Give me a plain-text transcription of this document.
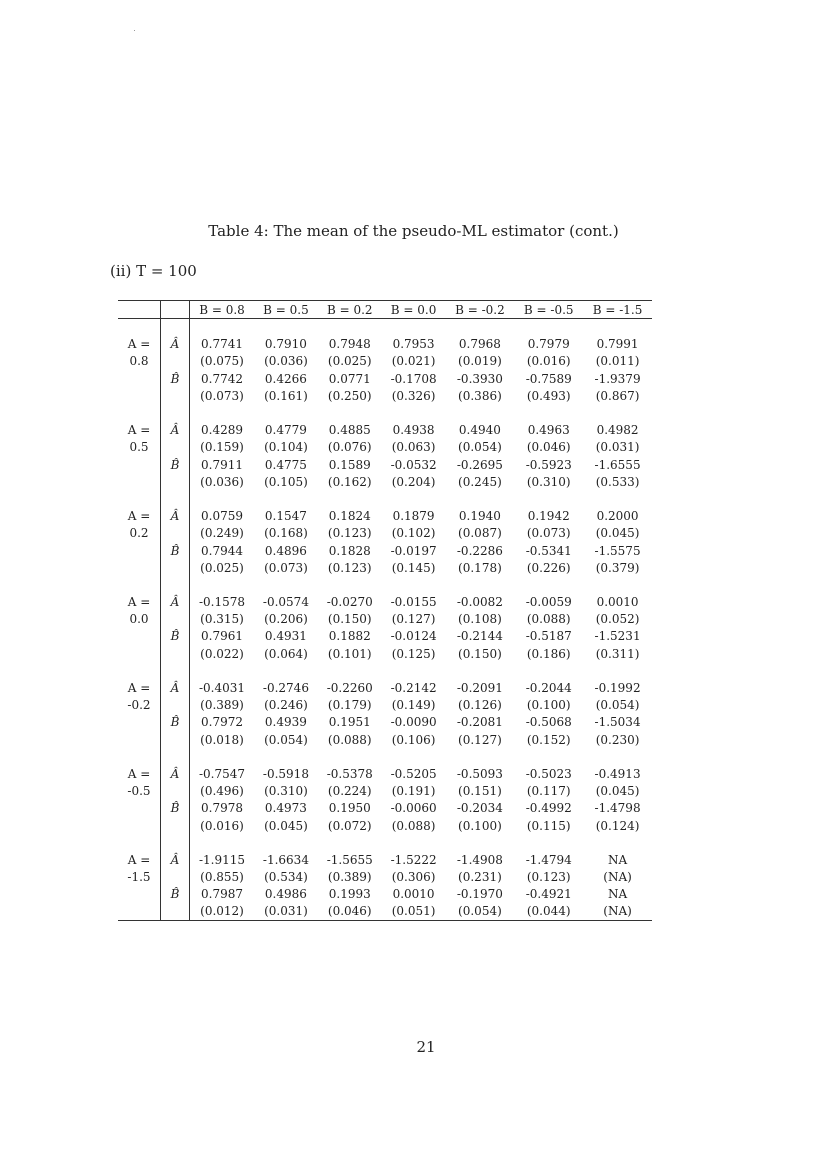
Table 4: The mean of the pseudo-ML estimator (cont.)
(ii) T = 100
		B = 0.8	B = 0.5	B = 0.2	B = 0.0	B = -0.2	B = -0.5	B = -1.5

A =	Â	0.7741	0.7910	0.7948	0.7953	0.7968	0.7979	0.7991
0.8		(0.075)	(0.036)	(0.025)	(0.021)	(0.019)	(0.016)	(0.011)
	B̂	0.7742	0.4266	0.0771	-0.1708	-0.3930	-0.7589	-1.9379
		(0.073)	(0.161)	(0.250)	(0.326)	(0.386)	(0.493)	(0.867)

A =	Â	0.4289	0.4779	0.4885	0.4938	0.4940	0.4963	0.4982
0.5		(0.159)	(0.104)	(0.076)	(0.063)	(0.054)	(0.046)	(0.031)
	B̂	0.7911	0.4775	0.1589	-0.0532	-0.2695	-0.5923	-1.6555
		(0.036)	(0.105)	(0.162)	(0.204)	(0.245)	(0.310)	(0.533)

A =	Â	0.0759	0.1547	0.1824	0.1879	0.1940	0.1942	0.2000
0.2		(0.249)	(0.168)	(0.123)	(0.102)	(0.087)	(0.073)	(0.045)
	B̂	0.7944	0.4896	0.1828	-0.0197	-0.2286	-0.5341	-1.5575
		(0.025)	(0.073)	(0.123)	(0.145)	(0.178)	(0.226)	(0.379)

A =	Â	-0.1578	-0.0574	-0.0270	-0.0155	-0.0082	-0.0059	0.0010
0.0		(0.315)	(0.206)	(0.150)	(0.127)	(0.108)	(0.088)	(0.052)
	B̂	0.7961	0.4931	0.1882	-0.0124	-0.2144	-0.5187	-1.5231
		(0.022)	(0.064)	(0.101)	(0.125)	(0.150)	(0.186)	(0.311)

A =	Â	-0.4031	-0.2746	-0.2260	-0.2142	-0.2091	-0.2044	-0.1992
-0.2		(0.389)	(0.246)	(0.179)	(0.149)	(0.126)	(0.100)	(0.054)
	B̂	0.7972	0.4939	0.1951	-0.0090	-0.2081	-0.5068	-1.5034
		(0.018)	(0.054)	(0.088)	(0.106)	(0.127)	(0.152)	(0.230)

A =	Â	-0.7547	-0.5918	-0.5378	-0.5205	-0.5093	-0.5023	-0.4913
-0.5		(0.496)	(0.310)	(0.224)	(0.191)	(0.151)	(0.117)	(0.045)
	B̂	0.7978	0.4973	0.1950	-0.0060	-0.2034	-0.4992	-1.4798
		(0.016)	(0.045)	(0.072)	(0.088)	(0.100)	(0.115)	(0.124)

A =	Â	-1.9115	-1.6634	-1.5655	-1.5222	-1.4908	-1.4794	NA
-1.5		(0.855)	(0.534)	(0.389)	(0.306)	(0.231)	(0.123)	(NA)
	B̂	0.7987	0.4986	0.1993	0.0010	-0.1970	-0.4921	NA
		(0.012)	(0.031)	(0.046)	(0.051)	(0.054)	(0.044)	(NA)
21
